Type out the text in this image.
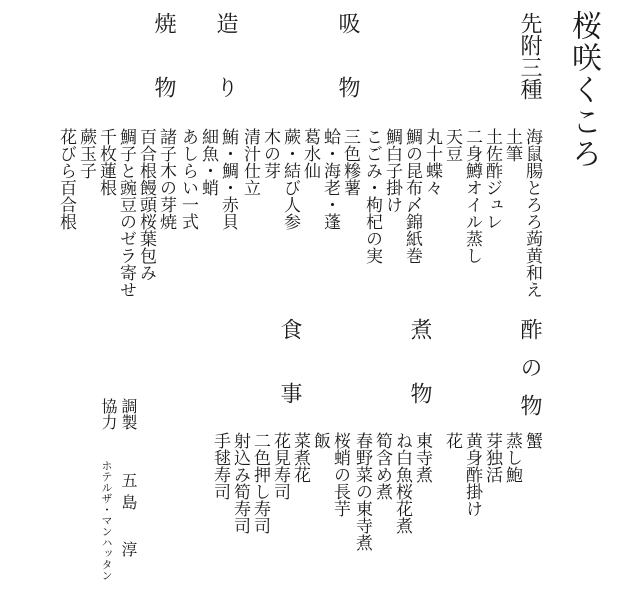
桜咲くころ

先附三種

海鼠腸とろろ蒟黄和え

土筆

土佐酢ジュレ

二身鱒オイル蒸し

天豆

丸十蝶々

鯛の昆布〆錦紙巻

鯛白子掛け

こごみ・枸杞の実

吸物

三色糝薯

蛤・海老・蓬

葛水仙

蕨・結び人参

木の芽

清汁仕立

造り

鮪・鯛・赤貝

細魚・蛸

あしらい一式

焼物

諸子木の芽焼

百合根饅頭桜葉包み

鯛子と豌豆のゼラ寄せ

千枚蓮根

蕨玉子

花びら百合根

酢の物

蟹

蒸し鮑

芽独活

黄身酢掛け

花

煮物

東寺煮

ね白魚桜花煮

筍含め煮

春野菜の東寺煮

食事

桜蛸の長芋

飯

菜煮花

花見寿司

二色押し寿司

射込み筍寿司

手毬寿司

調製

協力

五島 淳

ホテルザ・マンハッタン
